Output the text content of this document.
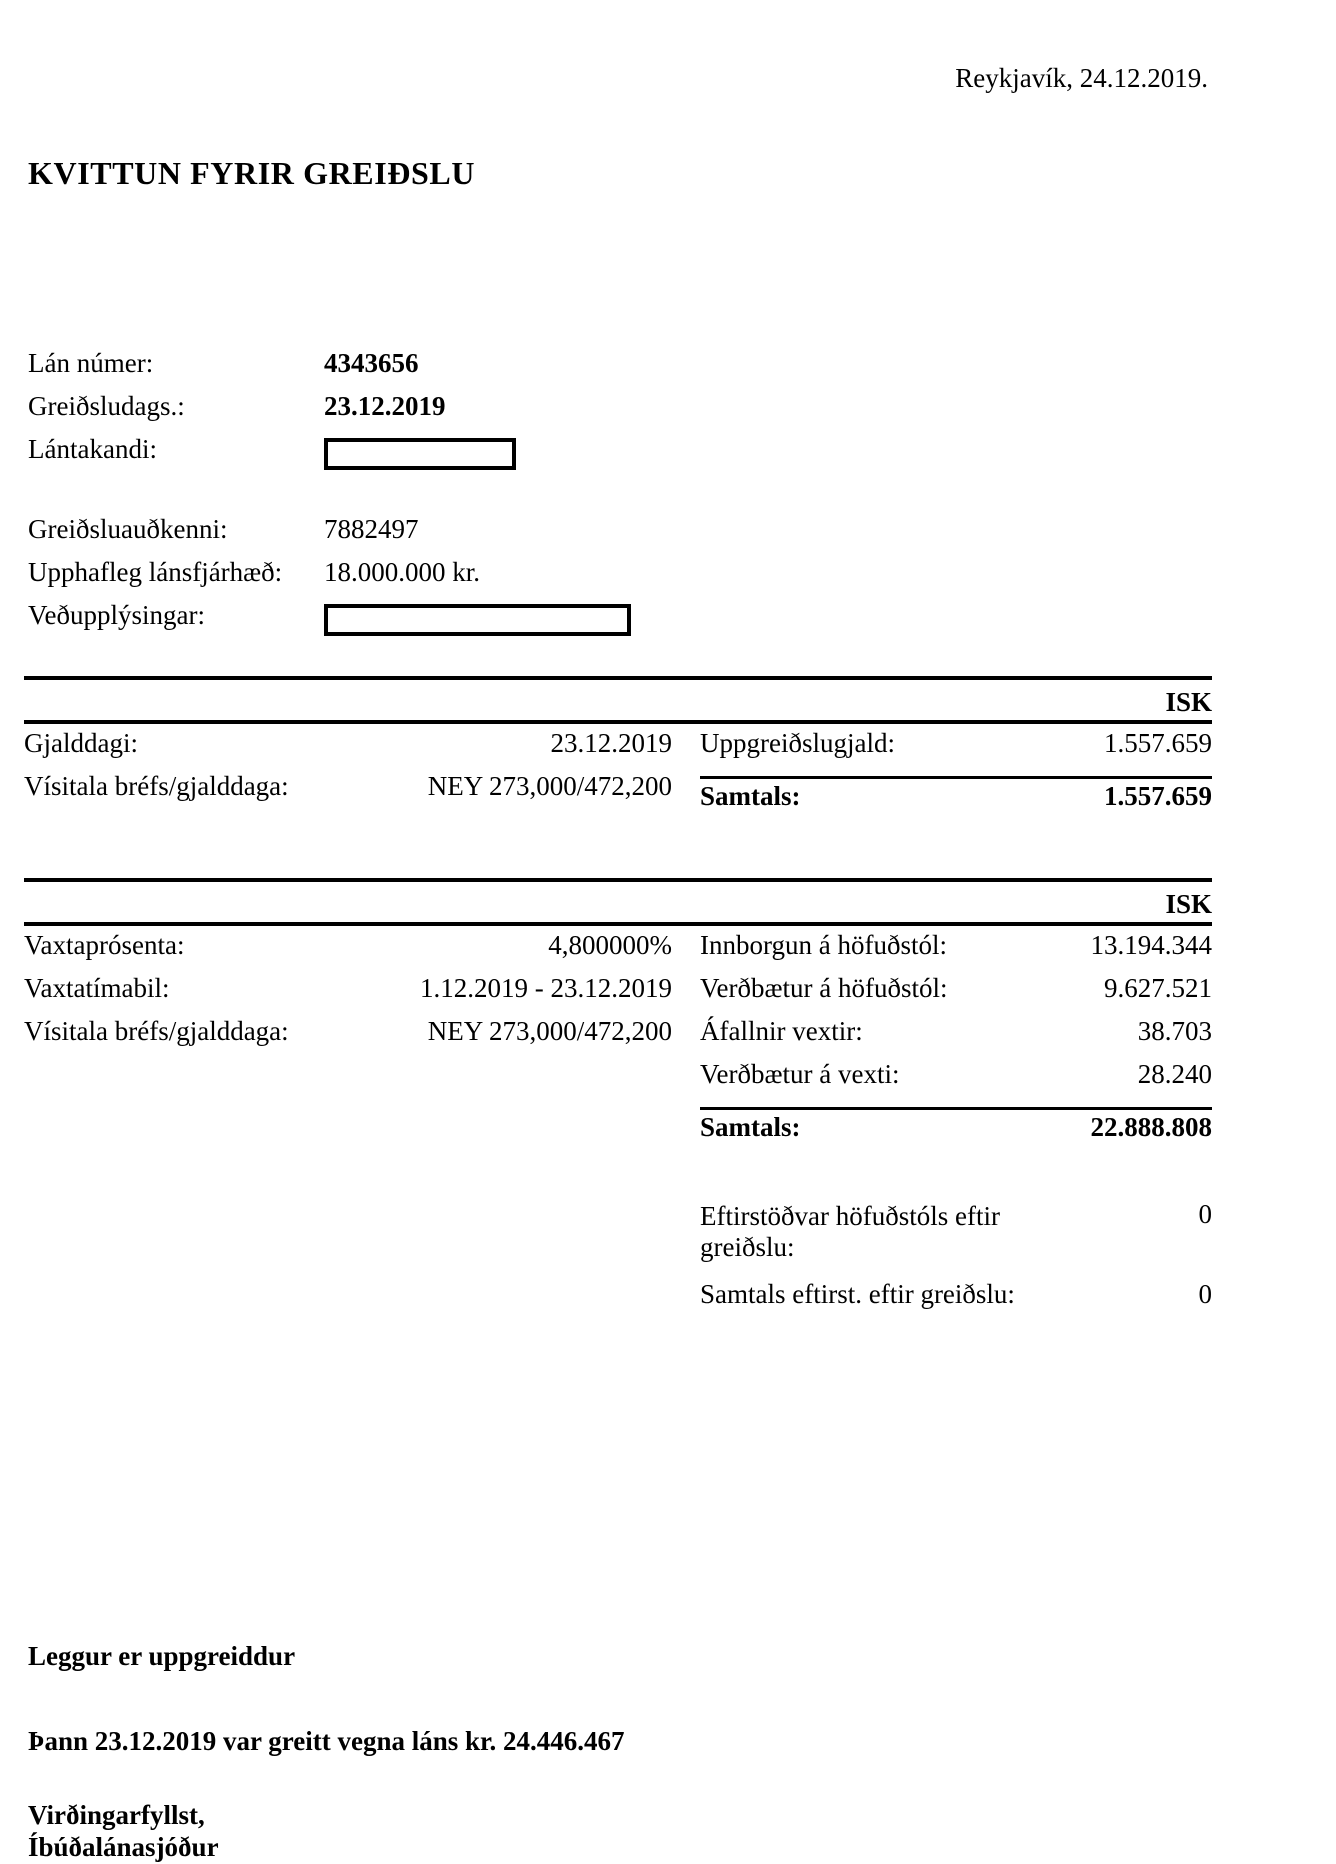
Reykjavík, 24.12.2019.
KVITTUN FYRIR GREIÐSLU
Lán númer:	4343656
Greiðsludags.:	23.12.2019
Lántakandi:
Greiðsluauðkenni:	7882497
Upphafleg lánsfjárhæð:	18.000.000 kr.
Veðupplýsingar:
ISK
Gjalddagi:	23.12.2019
Vísitala bréfs/gjalddaga:	NEY 273,000/472,200
Uppgreiðslugjald:	1.557.659
Samtals:	1.557.659
ISK
Vaxtaprósenta:	4,800000%
Vaxtatímabil:	1.12.2019 - 23.12.2019
Vísitala bréfs/gjalddaga:	NEY 273,000/472,200
Innborgun á höfuðstól:	13.194.344
Verðbætur á höfuðstól:	9.627.521
Áfallnir vextir:	38.703
Verðbætur á vexti:	28.240
Samtals:	22.888.808
Eftirstöðvar höfuðstóls eftir greiðslu:
0
Samtals eftirst. eftir greiðslu:	0
Leggur er uppgreiddur
Þann 23.12.2019 var greitt vegna láns kr. 24.446.467
Virðingarfyllst,
Íbúðalánasjóður
